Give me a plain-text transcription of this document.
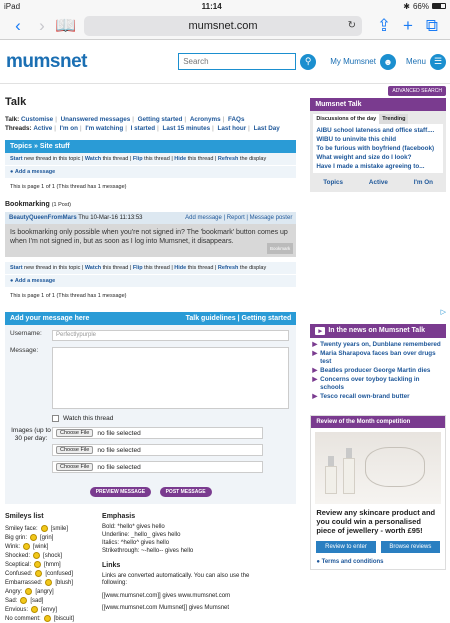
iPad	11:14	✱ 66%
‹	› 📖	mumsnet.com	↻ ⇪ + ⧉
mumsnet
Search	⚲	My Mumsnet ☻	Menu ☰
Talk
Talk: Customise | Unanswered messages | Getting started | Acronyms | FAQs
Threads: Active | I'm on | I'm watching | I started | Last 15 minutes | Last hour | Last Day
Topics » Site stuff
Start new thread in this topic | Watch this thread | Flip this thread | Hide this thread | Refresh the display
● Add a message
This is page 1 of 1 (This thread has 1 message)
Bookmarking (1 Post)
BeautyQueenFromMars Thu 10-Mar-16 11:13:53	Add message | Report | Message poster
Is bookmarking only possible when you're not signed in? The 'bookmark' button comes up when I'm not signed in, but as soon as I log into Mumsnet, it disappears.
Bookmark
Start new thread in this topic | Watch this thread | Flip this thread | Hide this thread | Refresh the display
● Add a message
This is page 1 of 1 (This thread has 1 message)
Add your message here	Talk guidelines | Getting started
Username:	Perfectlypurple
Message:
Watch this thread
Images (up to 30 per day:
Choose File	no file selected
Choose File	no file selected
Choose File	no file selected
PREVIEW MESSAGE	POST MESSAGE
Smileys list
Smiley face: [smile]
Big grin: [grin]
Wink: [wink]
Shocked: [shock]
Sceptical: [hmm]
Confused: [confused]
Embarrassed: [blush]
Angry: [angry]
Sad: [sad]
Envious: [envy]
No comment: [biscuit]
Emphasis
Bold: *hello* gives hello
Underline: _hello_ gives hello
Italics: ^hello^ gives hello
Strikethrough: ~-hello-- gives hello
Links
Links are converted automatically. You can also use the following:
[[www.mumsnet.com]] gives www.mumsnet.com
[[www.mumsnet.com Mumsnet]] gives Mumsnet
ADVANCED SEARCH
Mumsnet Talk
Discussions of the day	Trending
AIBU school lateness and office staff....
WIBU to uninvite this child
To be furious with boyfriend (facebook)
What weight and size do I look?
Have I made a mistake agreeing to...
Topics	Active	I'm On
▷
▸ In the news on Mumsnet Talk
▶ Twenty years on, Dunblane remembered
▶ Maria Sharapova faces ban over drugs test
▶ Beatles producer George Martin dies
▶ Concerns over toyboy tackling in schools
▶ Tesco recall own-brand butter
Review of the Month competition
Review any skincare product and you could win a personalised piece of jewellery - worth £95!
Review to enter	Browse reviews
● Terms and conditions
